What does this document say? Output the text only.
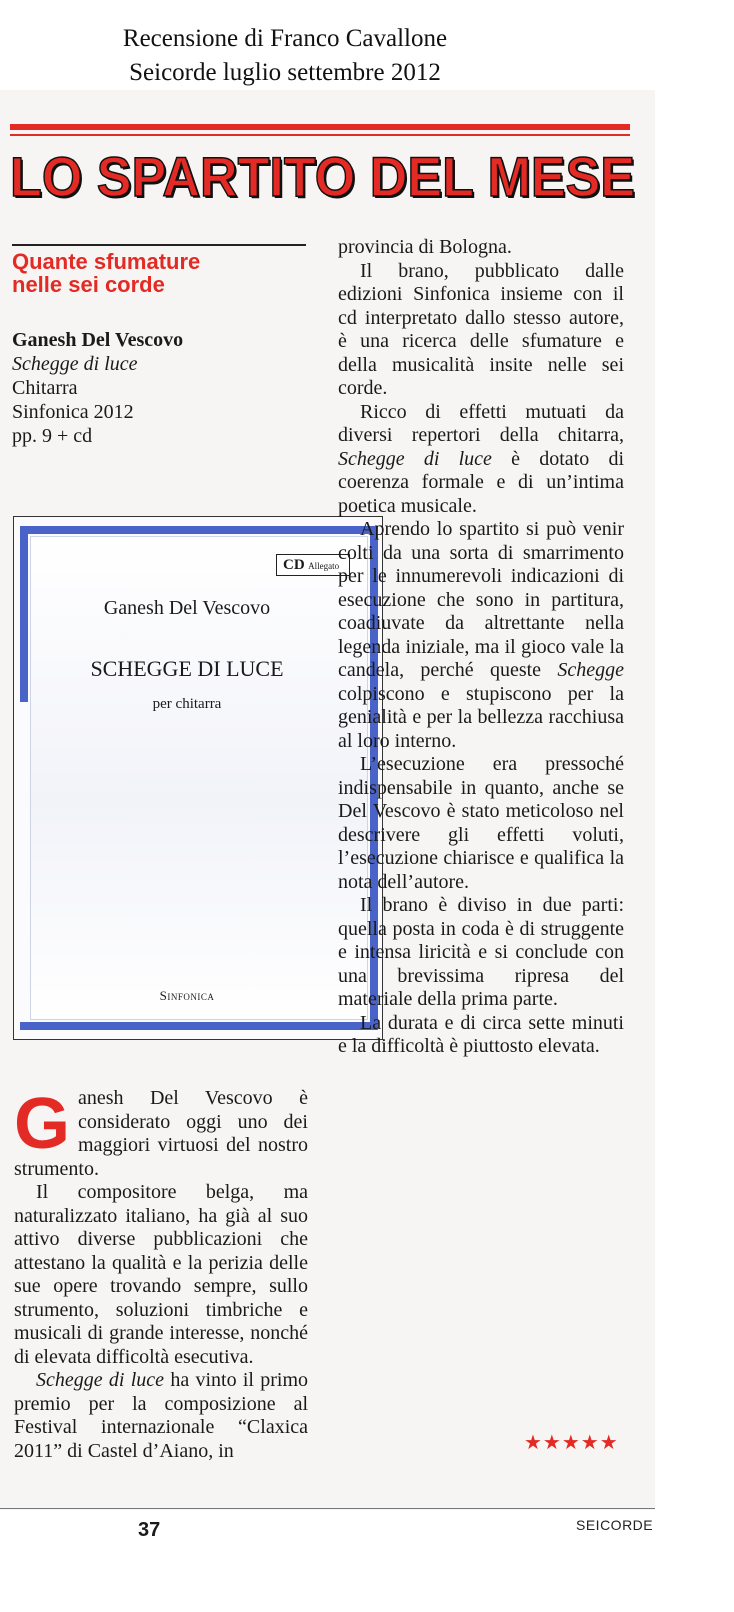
Recensione di Franco Cavallone
Seicorde luglio settembre 2012
LO SPARTITO DEL MESE
Quante sfumature
nelle sei corde
Ganesh Del Vescovo
Schegge di luce
Chitarra
Sinfonica 2012
pp. 9 + cd
CD Allegato
Ganesh Del Vescovo
SCHEGGE DI LUCE
per chitarra
Sinfonica

Ganesh Del Vescovo è considerato oggi uno dei maggiori virtuosi del nostro strumento.

Il compositore belga, ma naturalizzato italiano, ha già al suo attivo diverse pubblicazioni che attestano la qualità e la perizia delle sue opere trovando sempre, sullo strumento, soluzioni timbriche e musicali di grande interesse, nonché di elevata difficoltà esecutiva.

Schegge di luce ha vinto il primo premio per la composizione al Festival internazionale “Claxica 2011” di Castel d’Aiano, in

provincia di Bologna.

Il brano, pubblicato dalle edizioni Sinfonica insieme con il cd interpretato dallo stesso autore, è una ricerca delle sfumature e della musicalità insite nelle sei corde.

Ricco di effetti mutuati da diversi repertori della chitarra, Schegge di luce è dotato di coerenza formale e di un’intima poetica musicale.

Aprendo lo spartito si può venir colti da una sorta di smarrimento per le innumerevoli indicazioni di esecuzione che sono in partitura, coadiuvate da altrettante nella legenda iniziale, ma il gioco vale la candela, perché queste Schegge colpiscono e stupiscono per la genialità e per la bellezza racchiusa al loro interno.

L’esecuzione era pressoché indispensabile in quanto, anche se Del Vescovo è stato meticoloso nel descrivere gli effetti voluti, l’esecuzione chiarisce e qualifica la nota dell’autore.

Il brano è diviso in due parti: quella posta in coda è di struggente e intensa liricità e si conclude con una brevissima ripresa del materiale della prima parte.

La durata e di circa sette minuti e la difficoltà è piuttosto elevata.

★★★★★
37	SEICORDE
